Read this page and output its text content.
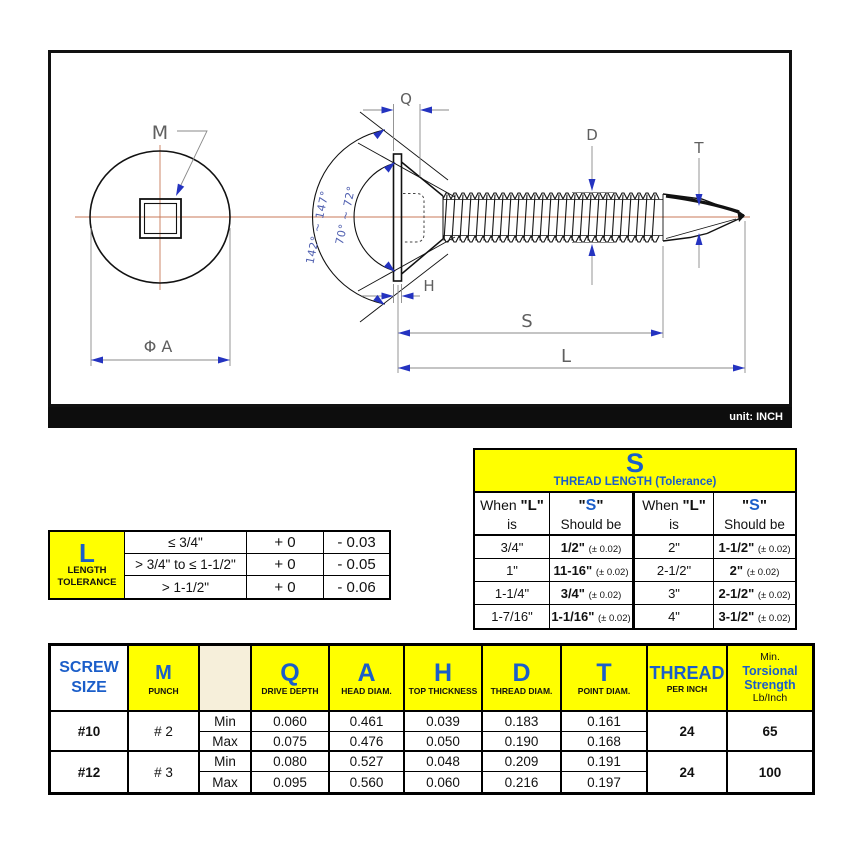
M
Q
D
T
H
S
L
Φ A
142° ~ 147° 70° ~ 72°
unit: INCH
S
THREAD LENGTH (Tolerance)			

When "L"
is

"S"
Should be

When "L"
is

"S"
Should be

3/4"	1/2" (± 0.02)	2"	1-1/2" (± 0.02)
1"	11-16" (± 0.02)	2-1/2"	2" (± 0.02)
1-1/4"	3/4" (± 0.02)	3"	2-1/2" (± 0.02)
1-7/16"	1-1/16" (± 0.02)	4"	3-1/2" (± 0.02)
L
LENGTH
TOLERANCE	≤ 3/4"	+ 0	- 0.03
	> 3/4" to ≤ 1-1/2"	+ 0	- 0.05
	> 1-1/2"	+ 0	- 0.06
SCREW
SIZE

M
PUNCH

Q
DRIVE DEPTH

A
HEAD DIAM.

H
TOP THICKNESS

D
THREAD DIAM.

T
POINT DIAM.

THREAD
PER INCH

Min.
Torsional
Strength
Lb/Inch

#10	# 2	Min	0.060	0.461	0.039	0.183	0.161	24	65
		Max	0.075	0.476	0.050	0.190	0.168		
#12	# 3	Min	0.080	0.527	0.048	0.209	0.191	24	100
		Max	0.095	0.560	0.060	0.216	0.197		
